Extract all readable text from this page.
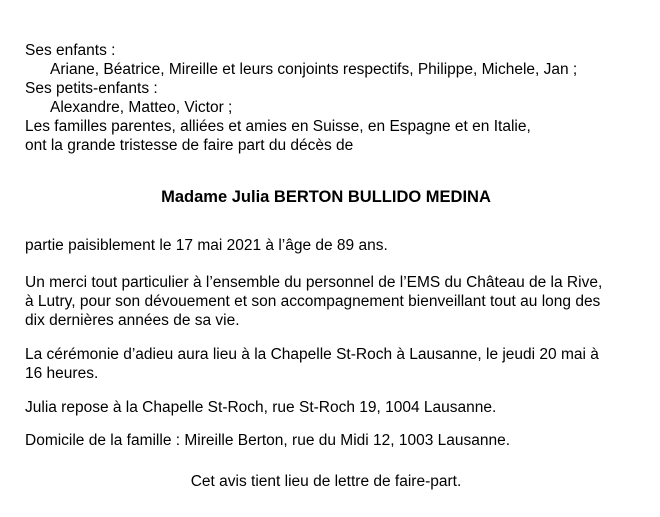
Ses enfants :
Ariane, Béatrice, Mireille et leurs conjoints respectifs, Philippe, Michele, Jan ;
Ses petits-enfants :
Alexandre, Matteo, Victor ;
Les familles parentes, alliées et amies en Suisse, en Espagne et en Italie,
ont la grande tristesse de faire part du décès de
Madame Julia BERTON BULLIDO MEDINA
partie paisiblement le 17 mai 2021 à l’âge de 89 ans.
Un merci tout particulier à l’ensemble du personnel de l’EMS du Château de la Rive,
à Lutry, pour son dévouement et son accompagnement bienveillant tout au long des
dix dernières années de sa vie.
La cérémonie d’adieu aura lieu à la Chapelle St-Roch à Lausanne, le jeudi 20 mai à
16 heures.
Julia repose à la Chapelle St-Roch, rue St-Roch 19, 1004 Lausanne.
Domicile de la famille : Mireille Berton, rue du Midi 12, 1003 Lausanne.
Cet avis tient lieu de lettre de faire-part.
